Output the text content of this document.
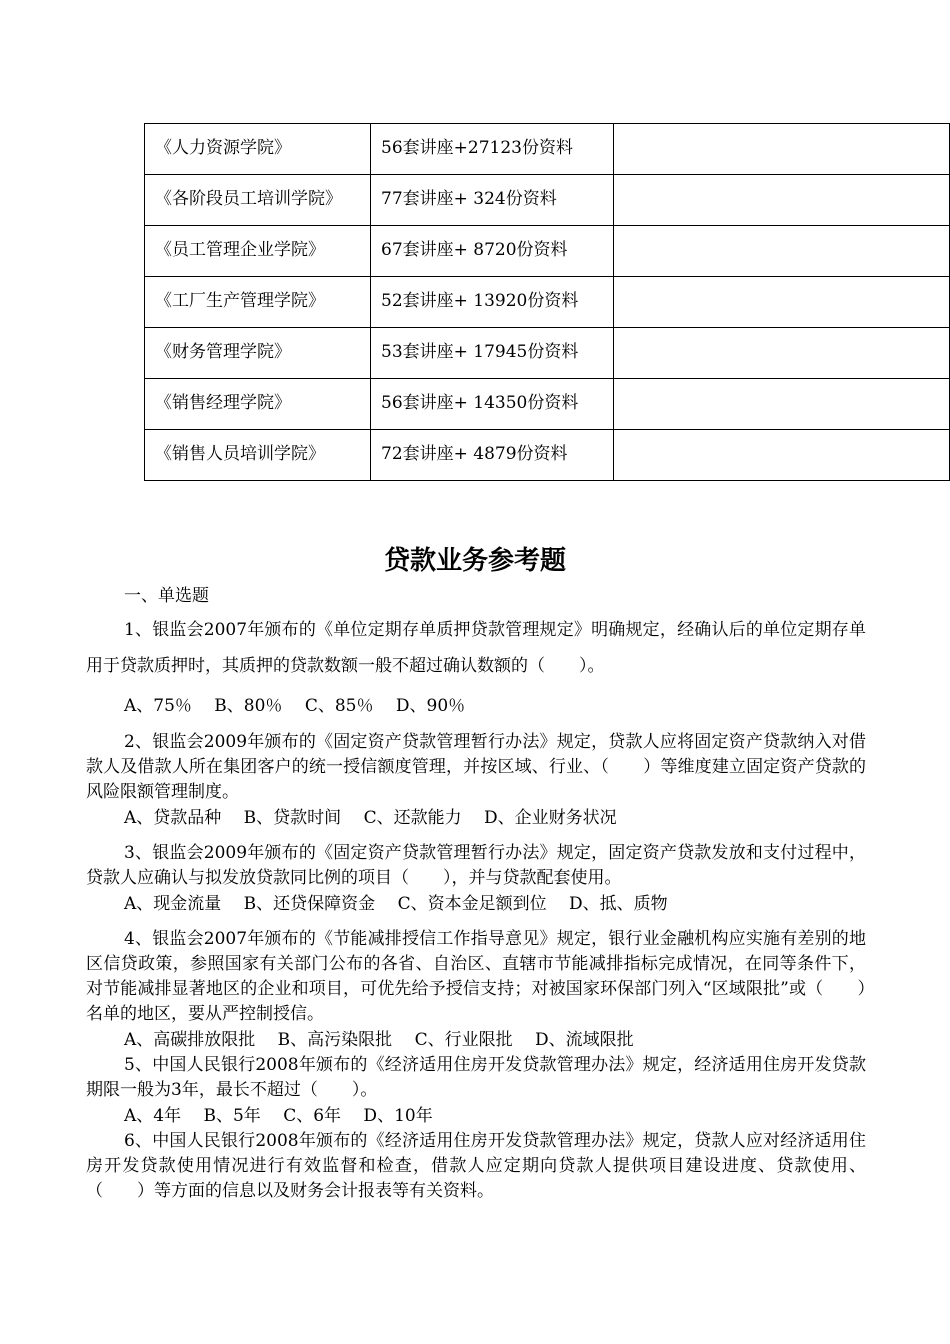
《人力资源学院》	56套讲座+27123份资料	
《各阶段员工培训学院》	77套讲座+ 324份资料	
《员工管理企业学院》	67套讲座+ 8720份资料	
《工厂生产管理学院》	52套讲座+ 13920份资料	
《财务管理学院》	53套讲座+ 17945份资料	
《销售经理学院》	56套讲座+ 14350份资料	
《销售人员培训学院》	72套讲座+ 4879份资料	
贷款业务参考题
一、单选题

1、银监会2007年颁布的《单位定期存单质押贷款管理规定》明确规定，经确认后的单位定期存单用于贷款质押时，其质押的贷款数额一般不超过确认数额的（　　）。

A、75％　 B、80％　 C、85％　 D、90％

2、银监会2009年颁布的《固定资产贷款管理暂行办法》规定，贷款人应将固定资产贷款纳入对借款人及借款人所在集团客户的统一授信额度管理，并按区域、行业、（　　）等维度建立固定资产贷款的风险限额管理制度。

A、贷款品种　 B、贷款时间　 C、还款能力　 D、企业财务状况

3、银监会2009年颁布的《固定资产贷款管理暂行办法》规定，固定资产贷款发放和支付过程中，贷款人应确认与拟发放贷款同比例的项目（　　），并与贷款配套使用。

A、现金流量　 B、还贷保障资金　 C、资本金足额到位　 D、抵、质物

4、银监会2007年颁布的《节能减排授信工作指导意见》规定，银行业金融机构应实施有差别的地区信贷政策，参照国家有关部门公布的各省、自治区、直辖市节能减排指标完成情况，在同等条件下，对节能减排显著地区的企业和项目，可优先给予授信支持；对被国家环保部门列入“区域限批”或（　　）名单的地区，要从严控制授信。

A、高碳排放限批　 B、高污染限批　 C、行业限批　 D、流域限批

5、中国人民银行2008年颁布的《经济适用住房开发贷款管理办法》规定，经济适用住房开发贷款期限一般为3年，最长不超过（　　）。

A、4年　 B、5年　 C、6年　 D、10年

6、中国人民银行2008年颁布的《经济适用住房开发贷款管理办法》规定，贷款人应对经济适用住房开发贷款使用情况进行有效监督和检查，借款人应定期向贷款人提供项目建设进度、贷款使用、（　　）等方面的信息以及财务会计报表等有关资料。
